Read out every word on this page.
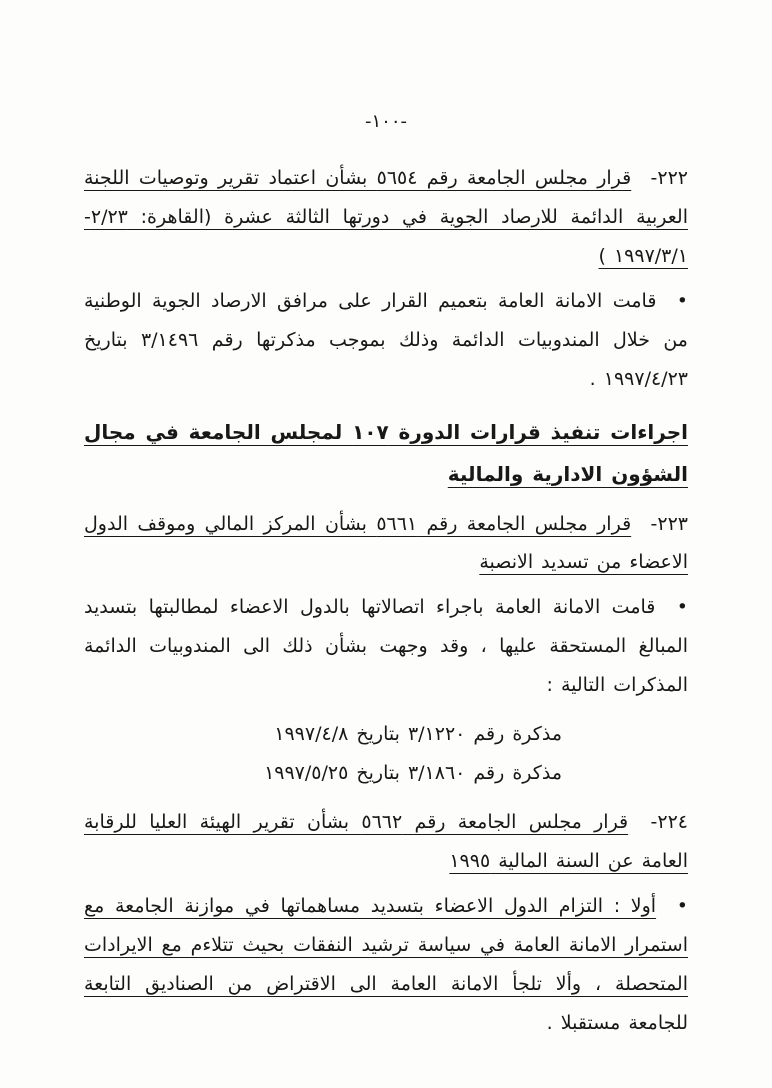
-١٠٠-

٢٢٢- قرار مجلس الجامعة رقم ٥٦٥٤ بشأن اعتماد تقرير وتوصيات اللجنة العربية الدائمة للارصاد الجوية في دورتها الثالثة عشرة (القاهرة: ٢/٢٣- ١٩٩٧/٣/١ )

• قامت الامانة العامة بتعميم القرار على مرافق الارصاد الجوية الوطنية من خلال المندوبيات الدائمة وذلك بموجب مذكرتها رقم ٣/١٤٩٦ بتاريخ ١٩٩٧/٤/٢٣ .

اجراءات تنفيذ قرارات الدورة ١٠٧ لمجلس الجامعة في مجال الشؤون الادارية والمالية

٢٢٣- قرار مجلس الجامعة رقم ٥٦٦١ بشأن المركز المالي وموقف الدول الاعضاء من تسديد الانصبة

• قامت الامانة العامة باجراء اتصالاتها بالدول الاعضاء لمطالبتها بتسديد المبالغ المستحقة عليها ، وقد وجهت بشأن ذلك الى المندوبيات الدائمة المذكرات التالية :

مذكرة رقم ٣/١٢٢٠ بتاريخ ١٩٩٧/٤/٨

مذكرة رقم ٣/١٨٦٠ بتاريخ ١٩٩٧/٥/٢٥

٢٢٤- قرار مجلس الجامعة رقم ٥٦٦٢ بشأن تقرير الهيئة العليا للرقابة العامة عن السنة المالية ١٩٩٥

• أولا : التزام الدول الاعضاء بتسديد مساهماتها في موازنة الجامعة مع استمرار الامانة العامة في سياسة ترشيد النفقات بحيث تتلاءم مع الايرادات المتحصلة ، وألا تلجأ الامانة العامة الى الاقتراض من الصناديق التابعة للجامعة مستقبلا .
